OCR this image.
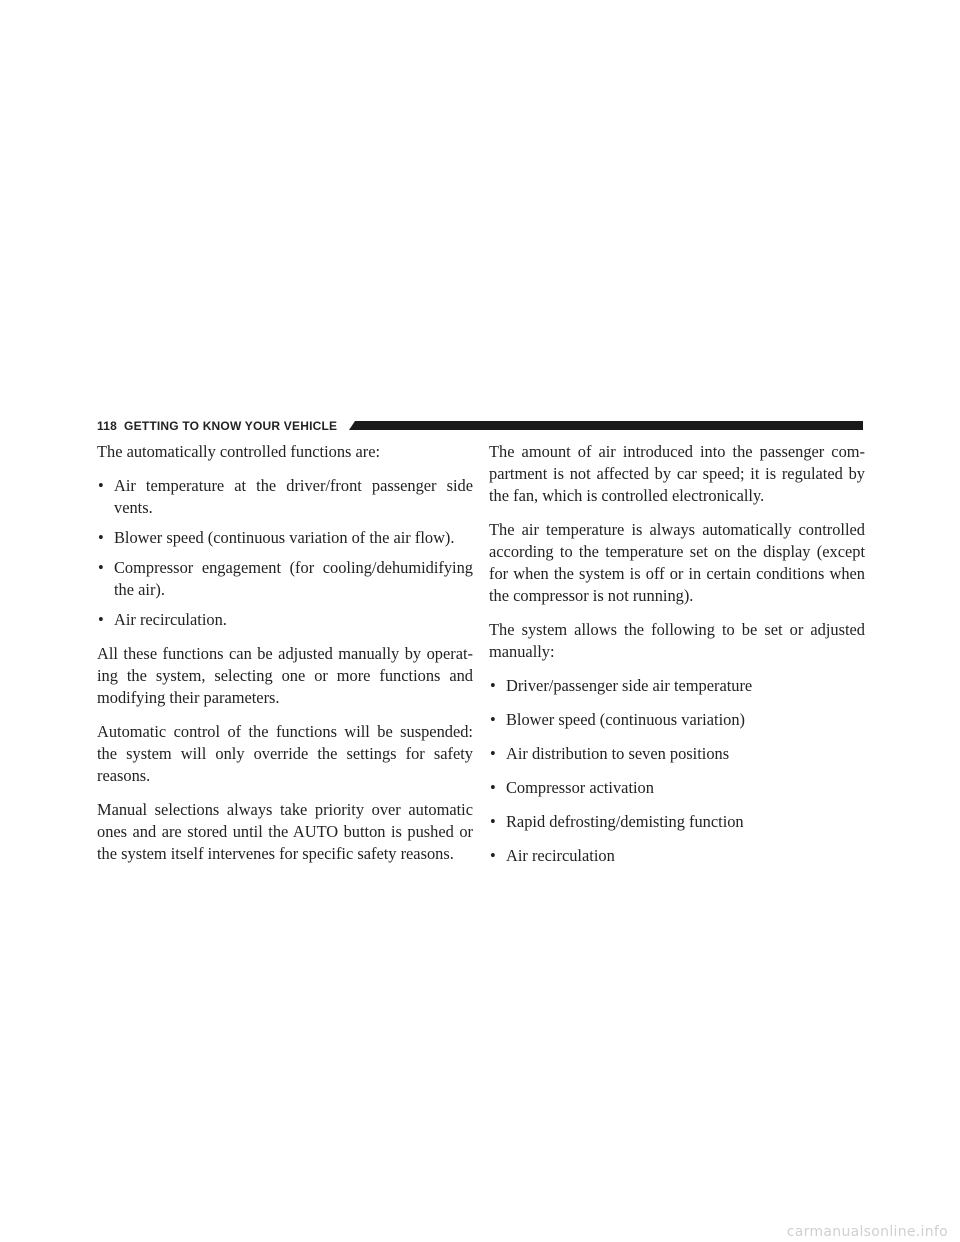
118 GETTING TO KNOW YOUR VEHICLE

The automatically controlled functions are:

• Air temperature at the driver/front passenger side vents.
• Blower speed (continuous variation of the air flow).
• Compressor engagement (for cooling/dehumidifying the air).
• Air recirculation.

All these functions can be adjusted manually by operat-ing the system, selecting one or more functions and modifying their parameters.

Automatic control of the functions will be suspended: the system will only override the settings for safety reasons.

Manual selections always take priority over automatic ones and are stored until the AUTO button is pushed or the system itself intervenes for specific safety reasons.

The amount of air introduced into the passenger com-partment is not affected by car speed; it is regulated by the fan, which is controlled electronically.

The air temperature is always automatically controlled according to the temperature set on the display (except for when the system is off or in certain conditions when the compressor is not running).

The system allows the following to be set or adjusted manually:

• Driver/passenger side air temperature
• Blower speed (continuous variation)
• Air distribution to seven positions
• Compressor activation
• Rapid defrosting/demisting function
• Air recirculation
carmanualsonline.info
